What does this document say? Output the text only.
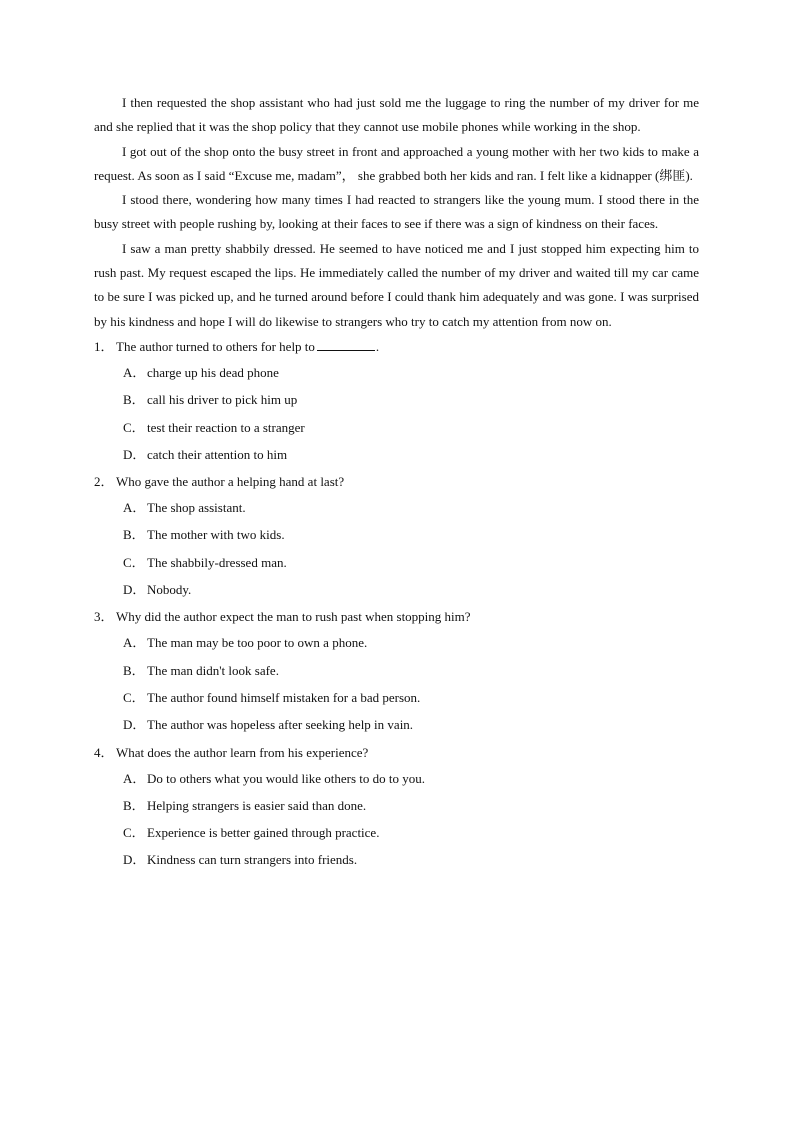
I then requested the shop assistant who had just sold me the luggage to ring the number of my driver for me and she replied that it was the shop policy that they cannot use mobile phones while working in the shop.

I got out of the shop onto the busy street in front and approached a young mother with her two kids to make a request. As soon as I said “Excuse me, madam”， she grabbed both her kids and ran. I felt like a kidnapper (绑匪).

I stood there, wondering how many times I had reacted to strangers like the young mum. I stood there in the busy street with people rushing by, looking at their faces to see if there was a sign of kindness on their faces.

I saw a man pretty shabbily dressed. He seemed to have noticed me and I just stopped him expecting him to rush past. My request escaped the lips. He immediately called the number of my driver and waited till my car came to be sure I was picked up, and he turned around before I could thank him adequately and was gone. I was surprised by his kindness and hope I will do likewise to strangers who try to catch my attention from now on.

1． The author turned to others for help to	.
A． charge up his dead phone
B． call his driver to pick him up
C． test their reaction to a stranger
D． catch their attention to him
2． Who gave the author a helping hand at last?
A． The shop assistant.
B． The mother with two kids.
C． The shabbily-dressed man.
D． Nobody.
3． Why did the author expect the man to rush past when stopping him?
A． The man may be too poor to own a phone.
B． The man didn't look safe.
C． The author found himself mistaken for a bad person.
D． The author was hopeless after seeking help in vain.
4． What does the author learn from his experience?
A． Do to others what you would like others to do to you.
B． Helping strangers is easier said than done.
C． Experience is better gained through practice.
D． Kindness can turn strangers into friends.
